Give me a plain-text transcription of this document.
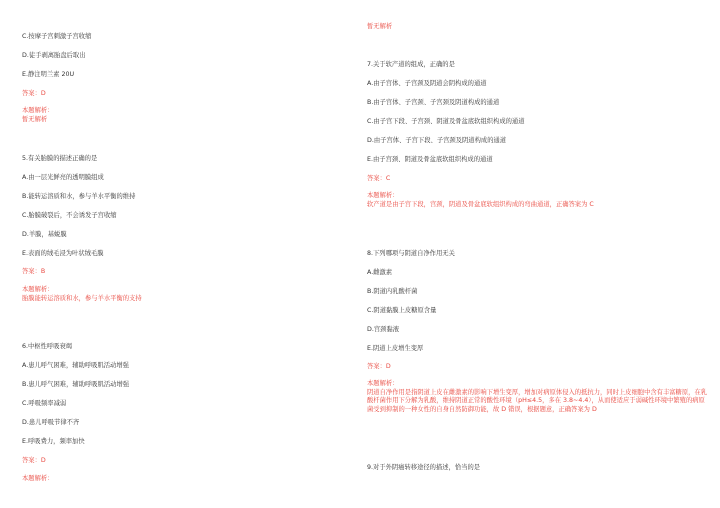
C.按摩子宫刺激子宫收缩
D.徒手剥离胎盘后取出
E.静注明兰素 20U
答案：D
本题解析：
暂无解析
5.有关胎膜的描述正确的是
A.由一层光鲜亮的透明膜组成
B.能转运溶质和水，参与羊水平衡的维持
C.胎膜破裂后，不会诱发子宫收缩
D.羊膜，基蜕膜
E.表面的绒毛浸为叶状绒毛膜
答案：B
本题解析：
胎膜能转运溶质和水，参与羊水平衡的支持
6.中枢性呼吸衰竭
A.患儿呼气困难，辅助呼吸肌活动增强
B.患儿呼气困难，辅助呼吸肌活动增强
C.呼吸频率减弱
D.患儿呼吸节律不齐
E.呼吸费力，频率加快
答案：D
本题解析：
暂无解析
7.关于软产道的组成，正确的是
A.由子宫体、子宫颈及阴道会阴构成的通道
B.由子宫体、子宫颈、子宫颈及阴道构成的通道
C.由子宫下段、子宫颈、阴道及骨盆底软组织构成的通道
D.由子宫体、子宫下段、子宫颈及阴道构成的通道
E.由子宫颈、阴道及骨盆底软组织构成的通道
答案：C
本题解析：
软产道是由子宫下段，宫颈，阴道及骨盆底软组织构成的弯曲通道，正确答案为 C
8.下列哪项与阴道自净作用无关
A.雌激素
B.阴道内乳酸杆菌
C.阴道黏膜上皮糖原含量
D.宫颈黏液
E.阴道上皮增生变厚
答案：D
本题解析：
阴道自净作用是指阴道上皮在雌激素的影响下增生变厚，增加对病原体侵入的抵抗力，同时上皮细胞中含有丰富糖原，在乳酸杆菌作用下分解为乳酸，维持阴道正常的酸性环境（pH≤4.5，多在 3.8~4.4），从而使适应于弱碱性环境中繁殖的病原菌受到抑制的一种女性的自身自然防御功能，故 D 错误，根据题意，正确答案为 D
9.对于外阴癌转移途径的描述，恰当的是
